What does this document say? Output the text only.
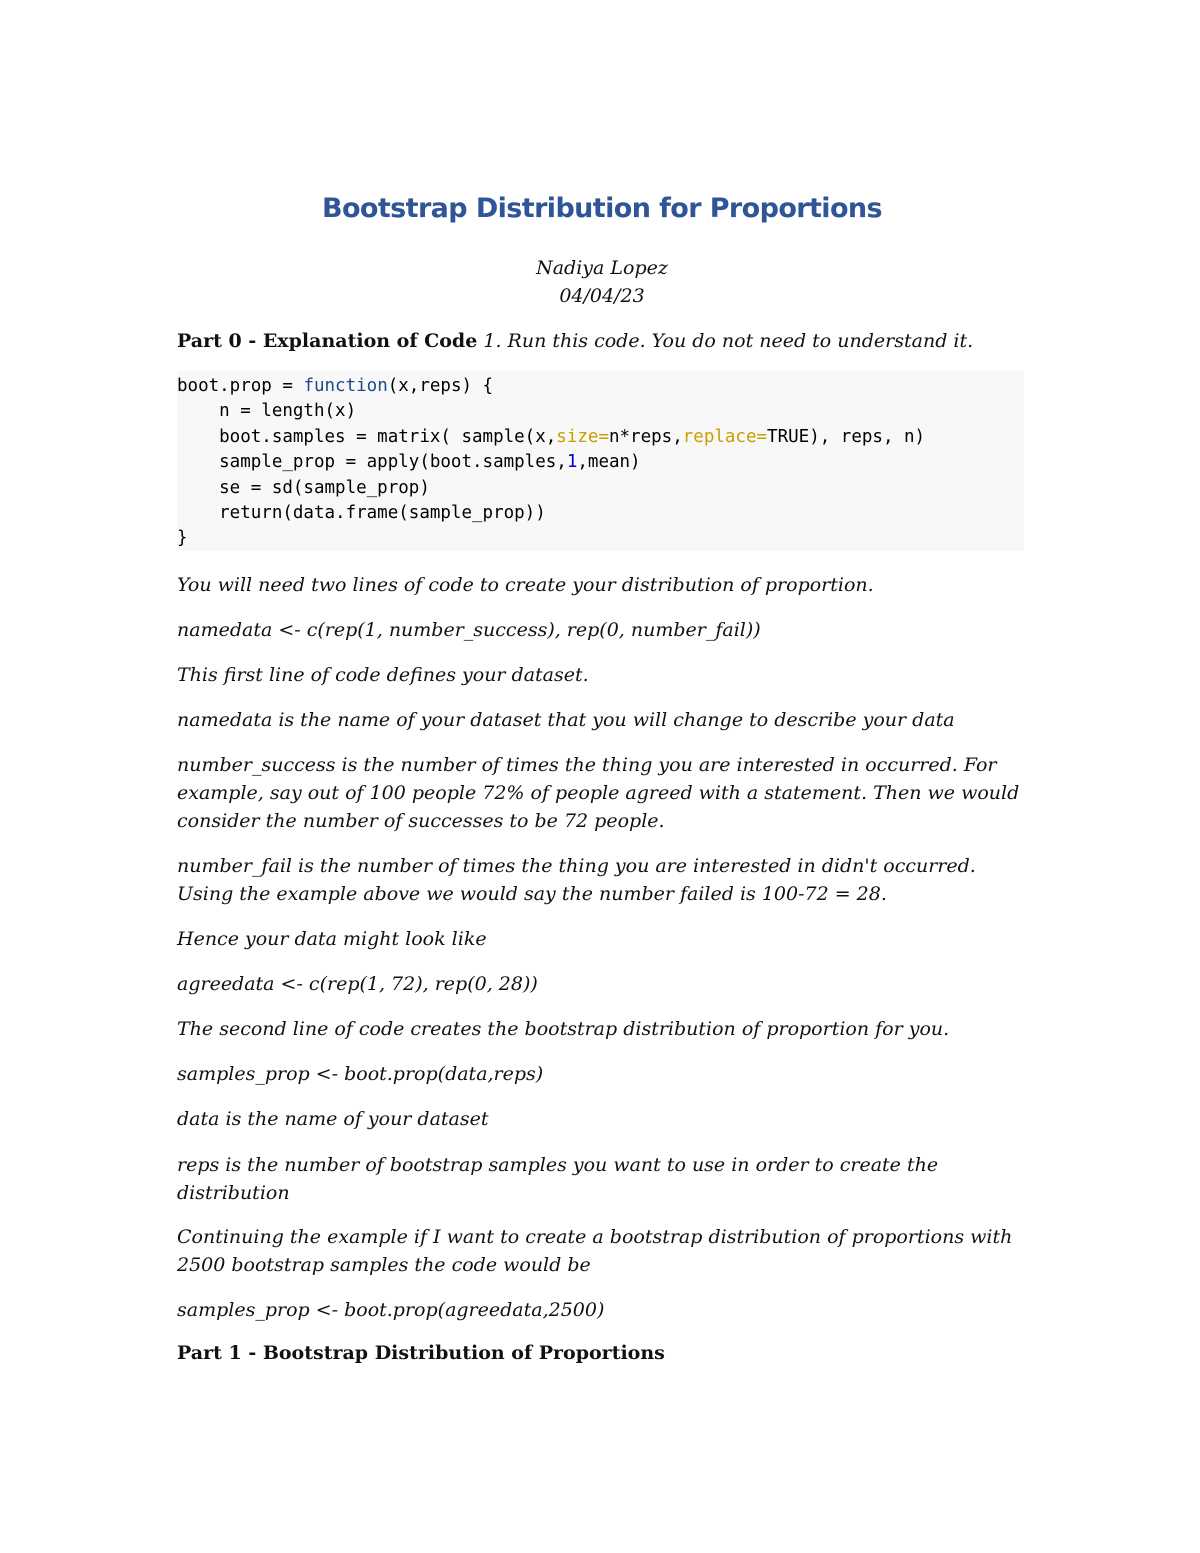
Bootstrap Distribution for Proportions
Nadiya Lopez
04/04/23
Part 0 - Explanation of Code 1. Run this code. You do not need to understand it.
boot.prop = function(x,reps) {
n = length(x)
boot.samples = matrix( sample(x,size=n*reps,replace=TRUE), reps, n)
sample_prop = apply(boot.samples,1,mean)
se = sd(sample_prop)
return(data.frame(sample_prop))
}
You will need two lines of code to create your distribution of proportion.
namedata <- c(rep(1, number_success), rep(0, number_fail))
This first line of code defines your dataset.
namedata is the name of your dataset that you will change to describe your data
number_success is the number of times the thing you are interested in occurred. For example, say out of 100 people 72% of people agreed with a statement. Then we would consider the number of successes to be 72 people.
number_fail is the number of times the thing you are interested in didn't occurred. Using the example above we would say the number failed is 100-72 = 28.
Hence your data might look like
agreedata <- c(rep(1, 72), rep(0, 28))
The second line of code creates the bootstrap distribution of proportion for you.
samples_prop <- boot.prop(data,reps)
data is the name of your dataset
reps is the number of bootstrap samples you want to use in order to create the distribution
Continuing the example if I want to create a bootstrap distribution of proportions with 2500 bootstrap samples the code would be
samples_prop <- boot.prop(agreedata,2500)
Part 1 - Bootstrap Distribution of Proportions
